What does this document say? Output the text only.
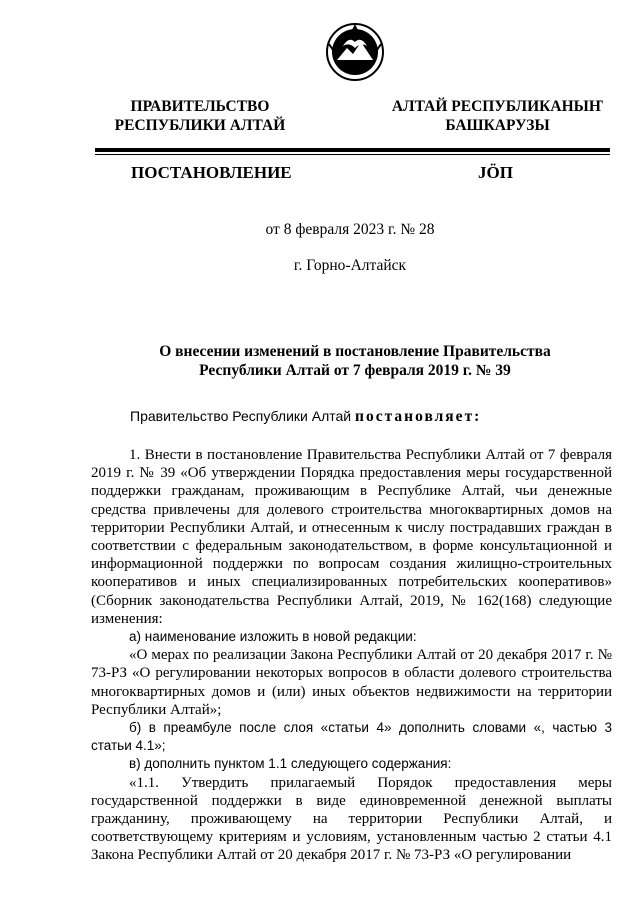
ПРАВИТЕЛЬСТВО
РЕСПУБЛИКИ АЛТАЙ
АЛТАЙ РЕСПУБЛИКАНЫҤ
БАШКАРУЗЫ
ПОСТАНОВЛЕНИЕ	JӦП
от 8 февраля 2023 г. № 28
г. Горно-Алтайск
О внесении изменений в постановление Правительства
Республики Алтай от 7 февраля 2019 г. № 39
Правительство Республики Алтай постановляет:

1. Внести в постановление Правительства Республики Алтай от 7 февраля 2019 г. № 39 «Об утверждении Порядка предоставления меры государственной поддержки гражданам, проживающим в Республике Алтай, чьи денежные средства привлечены для долевого строительства многоквартирных домов на территории Республики Алтай, и отнесенным к числу пострадавших граждан в соответствии с федеральным законодательством, в форме консультационной и информационной поддержки по вопросам создания жилищно-строительных кооперативов и иных специализированных потребительских кооперативов» (Сборник законодательства Республики Алтай, 2019, № 162(168) следующие изменения:

а) наименование изложить в новой редакции:

«О мерах по реализации Закона Республики Алтай от 20 декабря 2017 г. № 73-РЗ «О регулировании некоторых вопросов в области долевого строительства многоквартирных домов и (или) иных объектов недвижимости на территории Республики Алтай»;

б) в преамбуле после слоя «статьи 4» дополнить словами «, частью 3 статьи 4.1»;

в) дополнить пунктом 1.1 следующего содержания:

«1.1. Утвердить прилагаемый Порядок предоставления меры государственной поддержки в виде единовременной денежной выплаты гражданину, проживающему на территории Республики Алтай, и соответствующему критериям и условиям, установленным частью 2 статьи 4.1 Закона Республики Алтай от 20 декабря 2017 г. № 73-РЗ «О регулировании
